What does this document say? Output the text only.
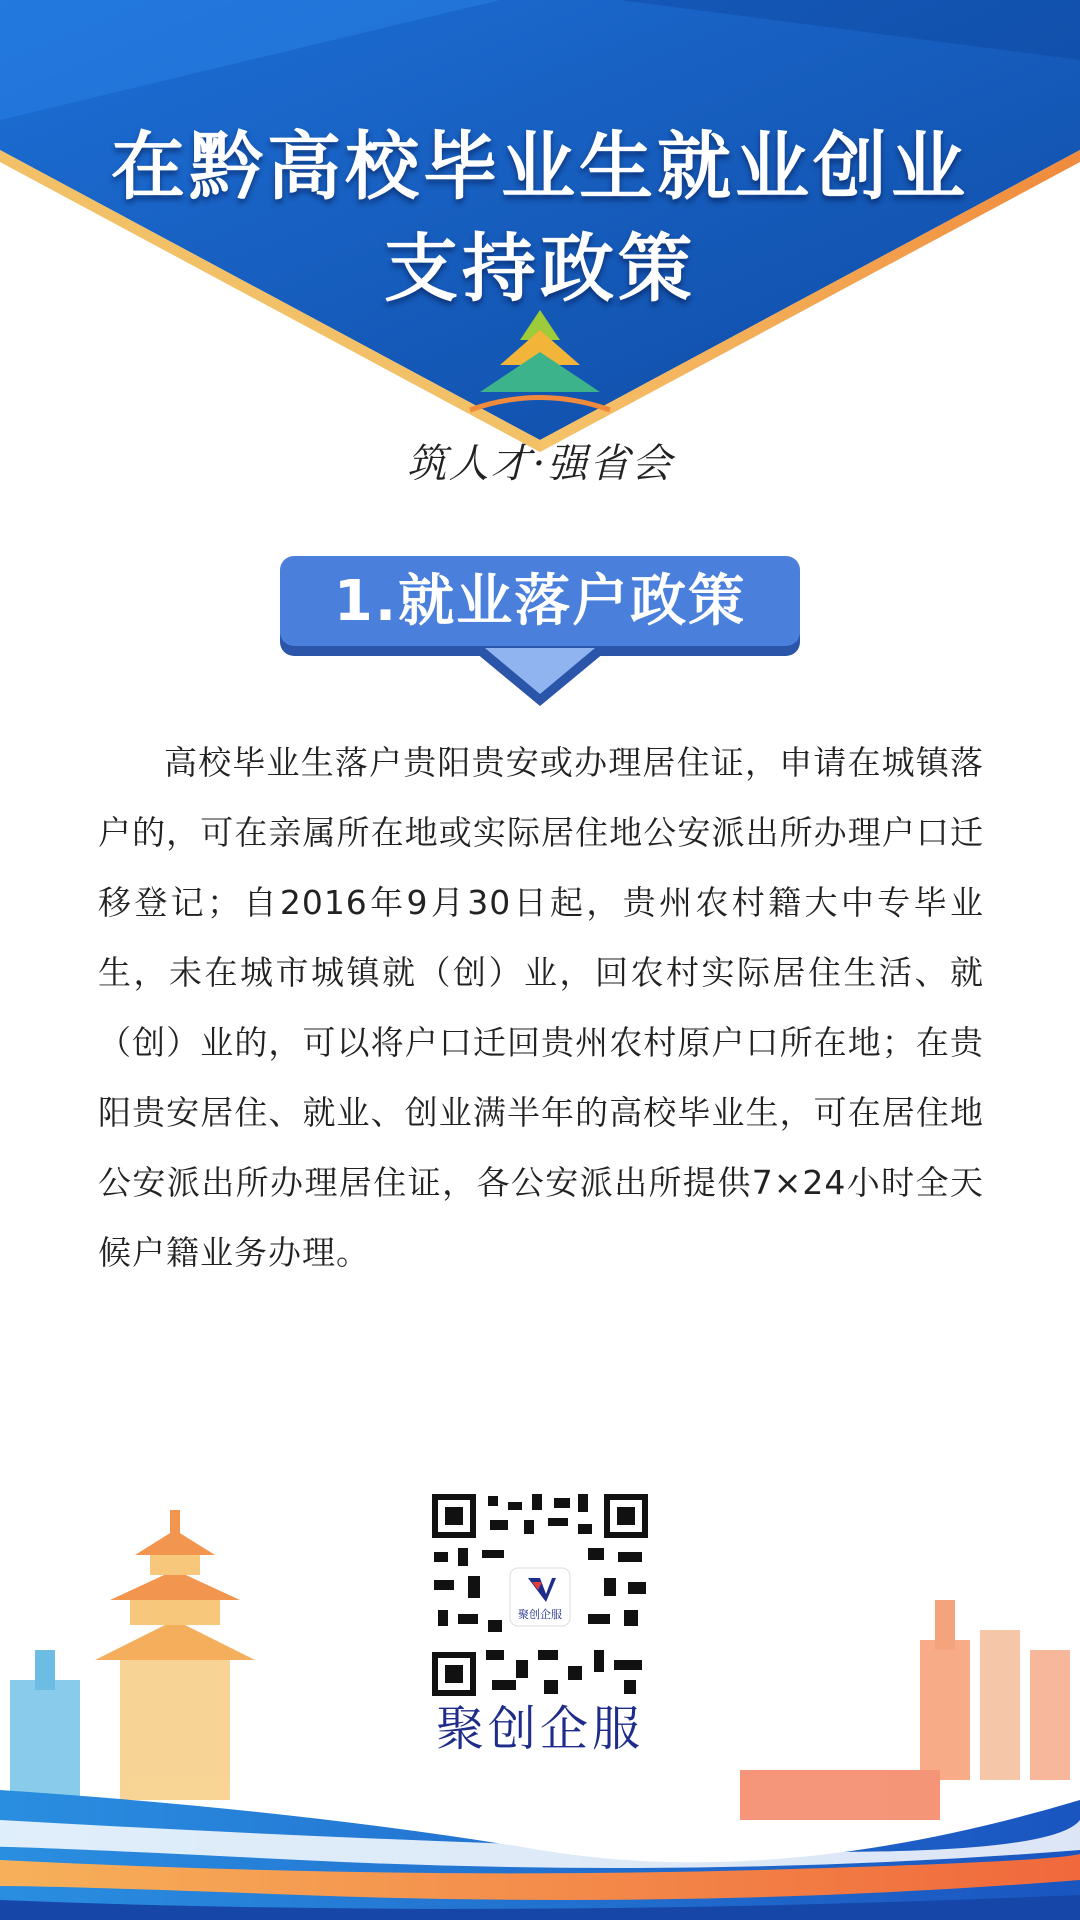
在黔高校毕业生就业创业
支持政策
筑人才·强省会
1.就业落户政策
高校毕业生落户贵阳贵安或办理居住证，申请在城镇落户的，可在亲属所在地或实际居住地公安派出所办理户口迁移登记；自2016年9月30日起，贵州农村籍大中专毕业生，未在城市城镇就（创）业，回农村实际居住生活、就（创）业的，可以将户口迁回贵州农村原户口所在地；在贵阳贵安居住、就业、创业满半年的高校毕业生，可在居住地公安派出所办理居住证，各公安派出所提供7×24小时全天候户籍业务办理。
聚创企服
聚创企服
